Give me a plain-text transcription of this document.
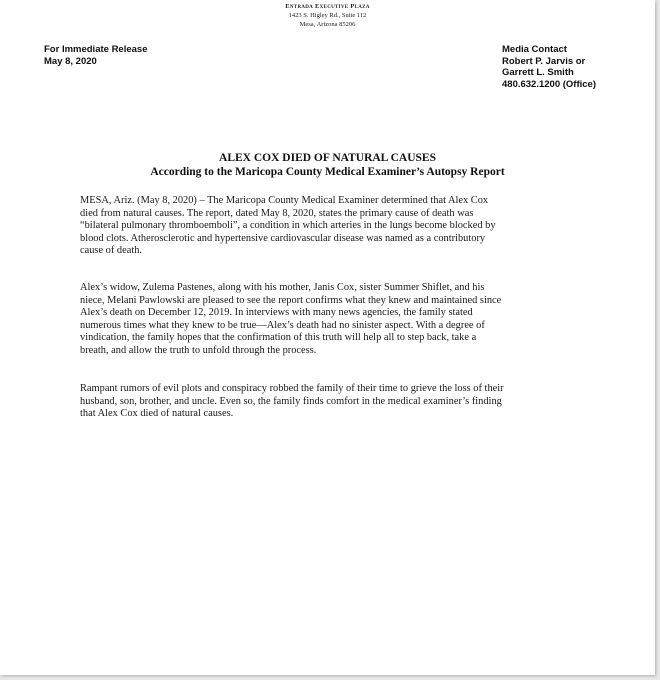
Entrada Executive Plaza
1423 S. Higley Rd., Suite 112
Mesa, Arizona 85206
For Immediate Release
May 8, 2020
Media Contact
Robert P. Jarvis or
Garrett L. Smith
480.632.1200 (Office)
ALEX COX DIED OF NATURAL CAUSES
According to the Maricopa County Medical Examiner’s Autopsy Report

MESA, Ariz. (May 8, 2020) – The Maricopa County Medical Examiner determined that Alex Cox

died from natural causes. The report, dated May 8, 2020, states the primary cause of death was

“bilateral pulmonary thromboemboli”, a condition in which arteries in the lungs become blocked by

blood clots. Atherosclerotic and hypertensive cardiovascular disease was named as a contributory

cause of death.

Alex’s widow, Zulema Pastenes, along with his mother, Janis Cox, sister Summer Shiflet, and his

niece, Melani Pawlowski are pleased to see the report confirms what they knew and maintained since

Alex’s death on December 12, 2019. In interviews with many news agencies, the family stated

numerous times what they knew to be true—Alex’s death had no sinister aspect. With a degree of

vindication, the family hopes that the confirmation of this truth will help all to step back, take a

breath, and allow the truth to unfold through the process.

Rampant rumors of evil plots and conspiracy robbed the family of their time to grieve the loss of their

husband, son, brother, and uncle. Even so, the family finds comfort in the medical examiner’s finding

that Alex Cox died of natural causes.
